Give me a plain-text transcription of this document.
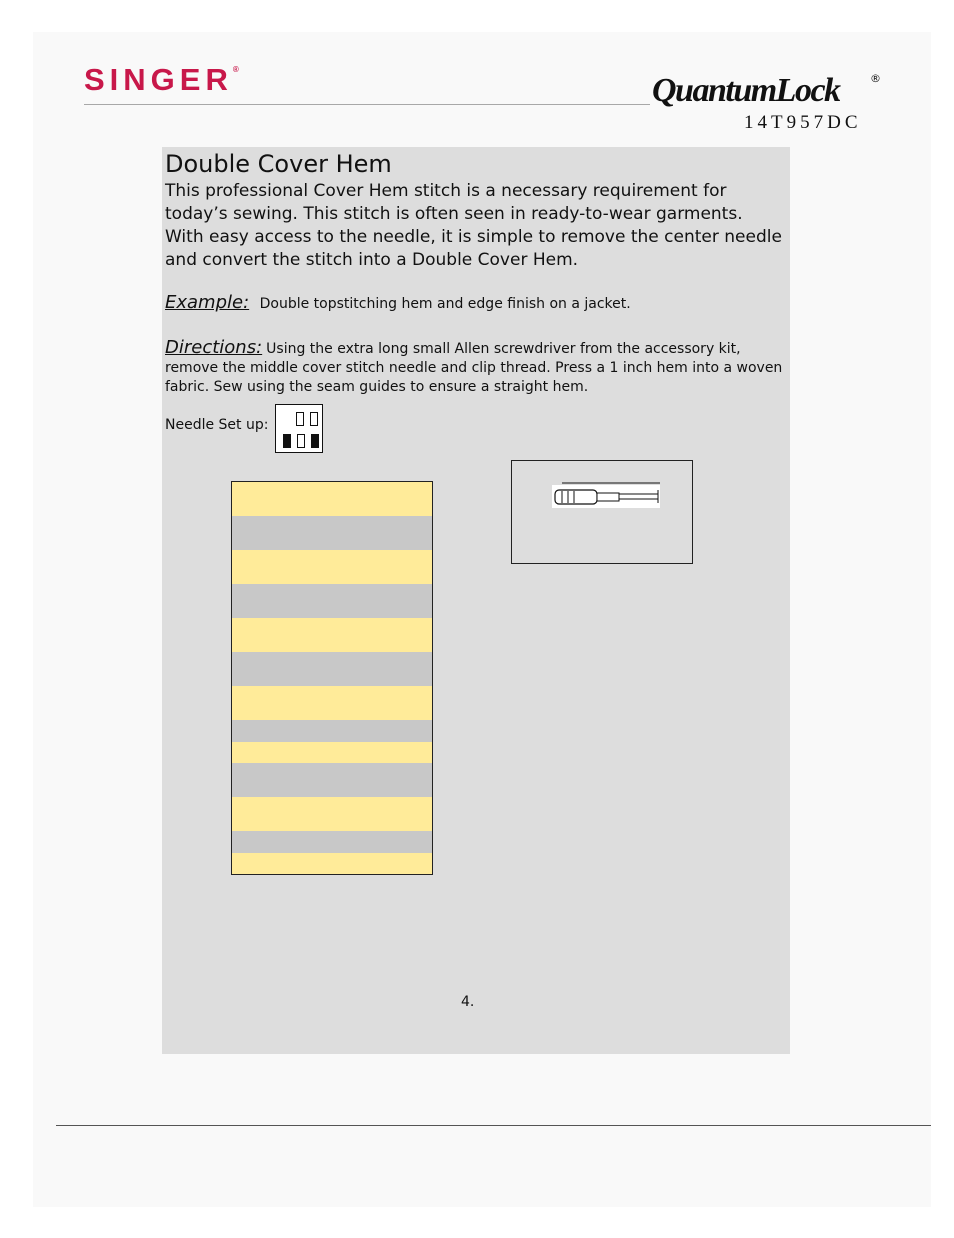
SINGER®
QuantumLock	®
14T957DC
Double Cover Hem

This professional Cover Hem stitch is a necessary requirement for today’s sewing. This stitch is often seen in ready-to-wear garments. With easy access to the needle, it is simple to remove the center needle and convert the stitch into a Double Cover Hem.

Example: Double topstitching hem and edge finish on a jacket.

Directions: Using the extra long small Allen screwdriver from the accessory kit, remove the middle cover stitch needle and clip thread. Press a 1 inch hem into a woven fabric. Sew using the seam guides to ensure a straight hem.

Needle Set up:
4.
